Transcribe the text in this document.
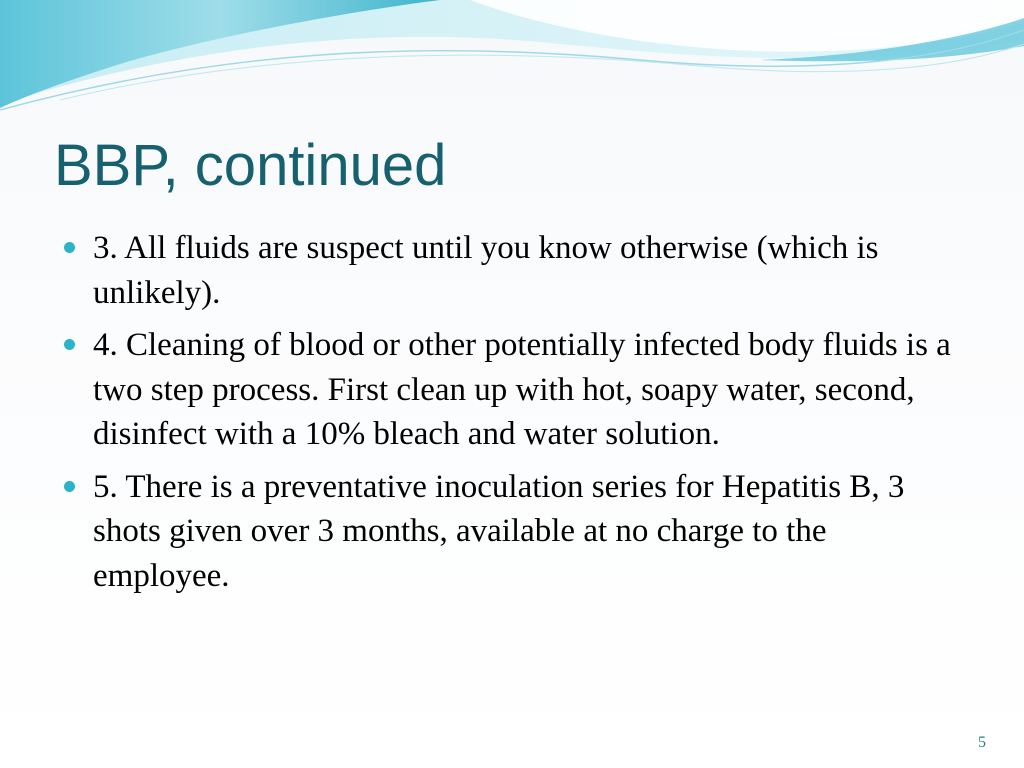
BBP, continued
3. All fluids are suspect until you know otherwise (which is unlikely).
4. Cleaning of blood or other potentially infected body fluids is a two step process. First clean up with hot, soapy water, second, disinfect with a 10% bleach and water solution.
5. There is a preventative inoculation series for Hepatitis B, 3 shots given over 3 months, available at no charge to the employee.
5
